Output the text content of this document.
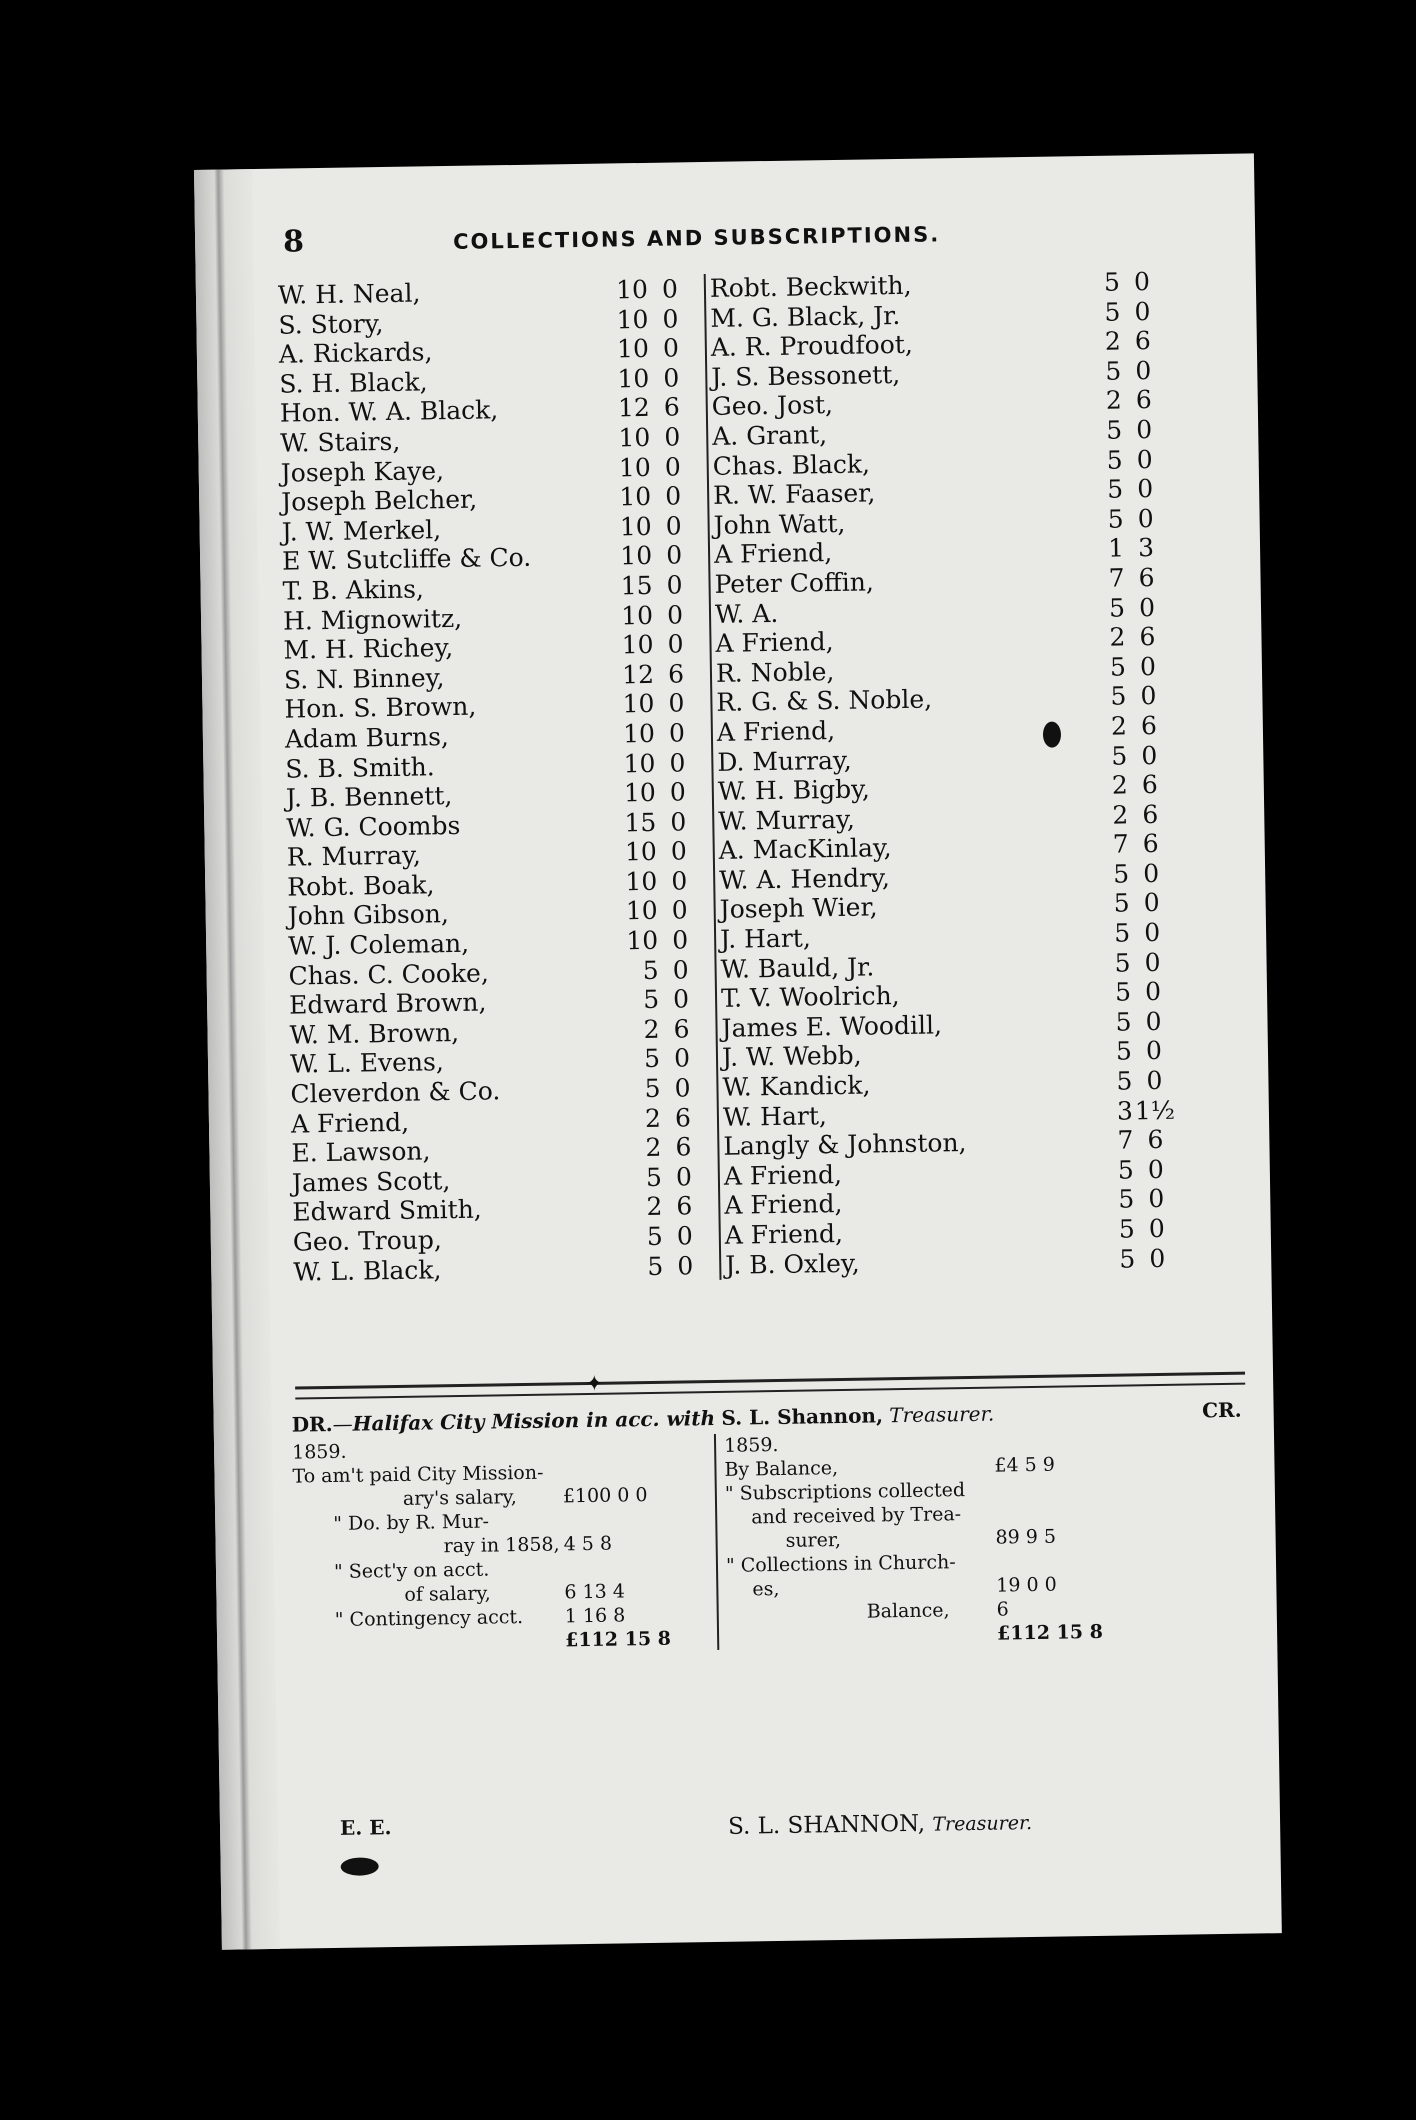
8	COLLECTIONS AND SUBSCRIPTIONS.
W. H. Neal,	10 0
S. Story,	10 0
A. Rickards,	10 0
S. H. Black,	10 0
Hon. W. A. Black,	12 6
W. Stairs,	10 0
Joseph Kaye,	10 0
Joseph Belcher,	10 0
J. W. Merkel,	10 0
E W. Sutcliffe & Co.	10 0
T. B. Akins,	15 0
H. Mignowitz,	10 0
M. H. Richey,	10 0
S. N. Binney,	12 6
Hon. S. Brown,	10 0
Adam Burns,	10 0
S. B. Smith.	10 0
J. B. Bennett,	10 0
W. G. Coombs	15 0
R. Murray,	10 0
Robt. Boak,	10 0
John Gibson,	10 0
W. J. Coleman,	10 0
Chas. C. Cooke,	5 0
Edward Brown,	5 0
W. M. Brown,	2 6
W. L. Evens,	5 0
Cleverdon & Co.	5 0
A Friend,	2 6
E. Lawson,	2 6
James Scott,	5 0
Edward Smith,	2 6
Geo. Troup,	5 0
W. L. Black,	5 0
Robt. Beckwith,	5 0
M. G. Black, Jr.	5 0
A. R. Proudfoot,	2 6
J. S. Bessonett,	5 0
Geo. Jost,	2 6
A. Grant,	5 0
Chas. Black,	5 0
R. W. Faaser,	5 0
John Watt,	5 0
A Friend,	1 3
Peter Coffin,	7 6
W. A.	5 0
A Friend,	2 6
R. Noble,	5 0
R. G. & S. Noble,	5 0
A Friend,	2 6
D. Murray,	5 0
W. H. Bigby,	2 6
W. Murray,	2 6
A. MacKinlay,	7 6
W. A. Hendry,	5 0
Joseph Wier,	5 0
J. Hart,	5 0
W. Bauld, Jr.	5 0
T. V. Woolrich,	5 0
James E. Woodill,	5 0
J. W. Webb,	5 0
W. Kandick,	5 0
W. Hart,	3 1½
Langly & Johnston,	7 6
A Friend,	5 0
A Friend,	5 0
A Friend,	5 0
J. B. Oxley,	5 0
✦
DR.—Halifax City Mission in acc. with S. L. Shannon, Treasurer.	CR.
1859.
To am't paid City Mission-
ary's salary, £100 0 0
" Do. by R. Mur-
ray in 1858, 4 5 8
" Sect'y on acct.
of salary,	6 13 4
" Contingency acct. 1 16 8
£112 15 8
1859.
By Balance,	£4 5 9
" Subscriptions collected
and received by Trea-
surer,	89 9 5
" Collections in Church-
es,	19 0 0
Balance, 6
£112 15 8
E. E.	S. L. SHANNON, Treasurer.
